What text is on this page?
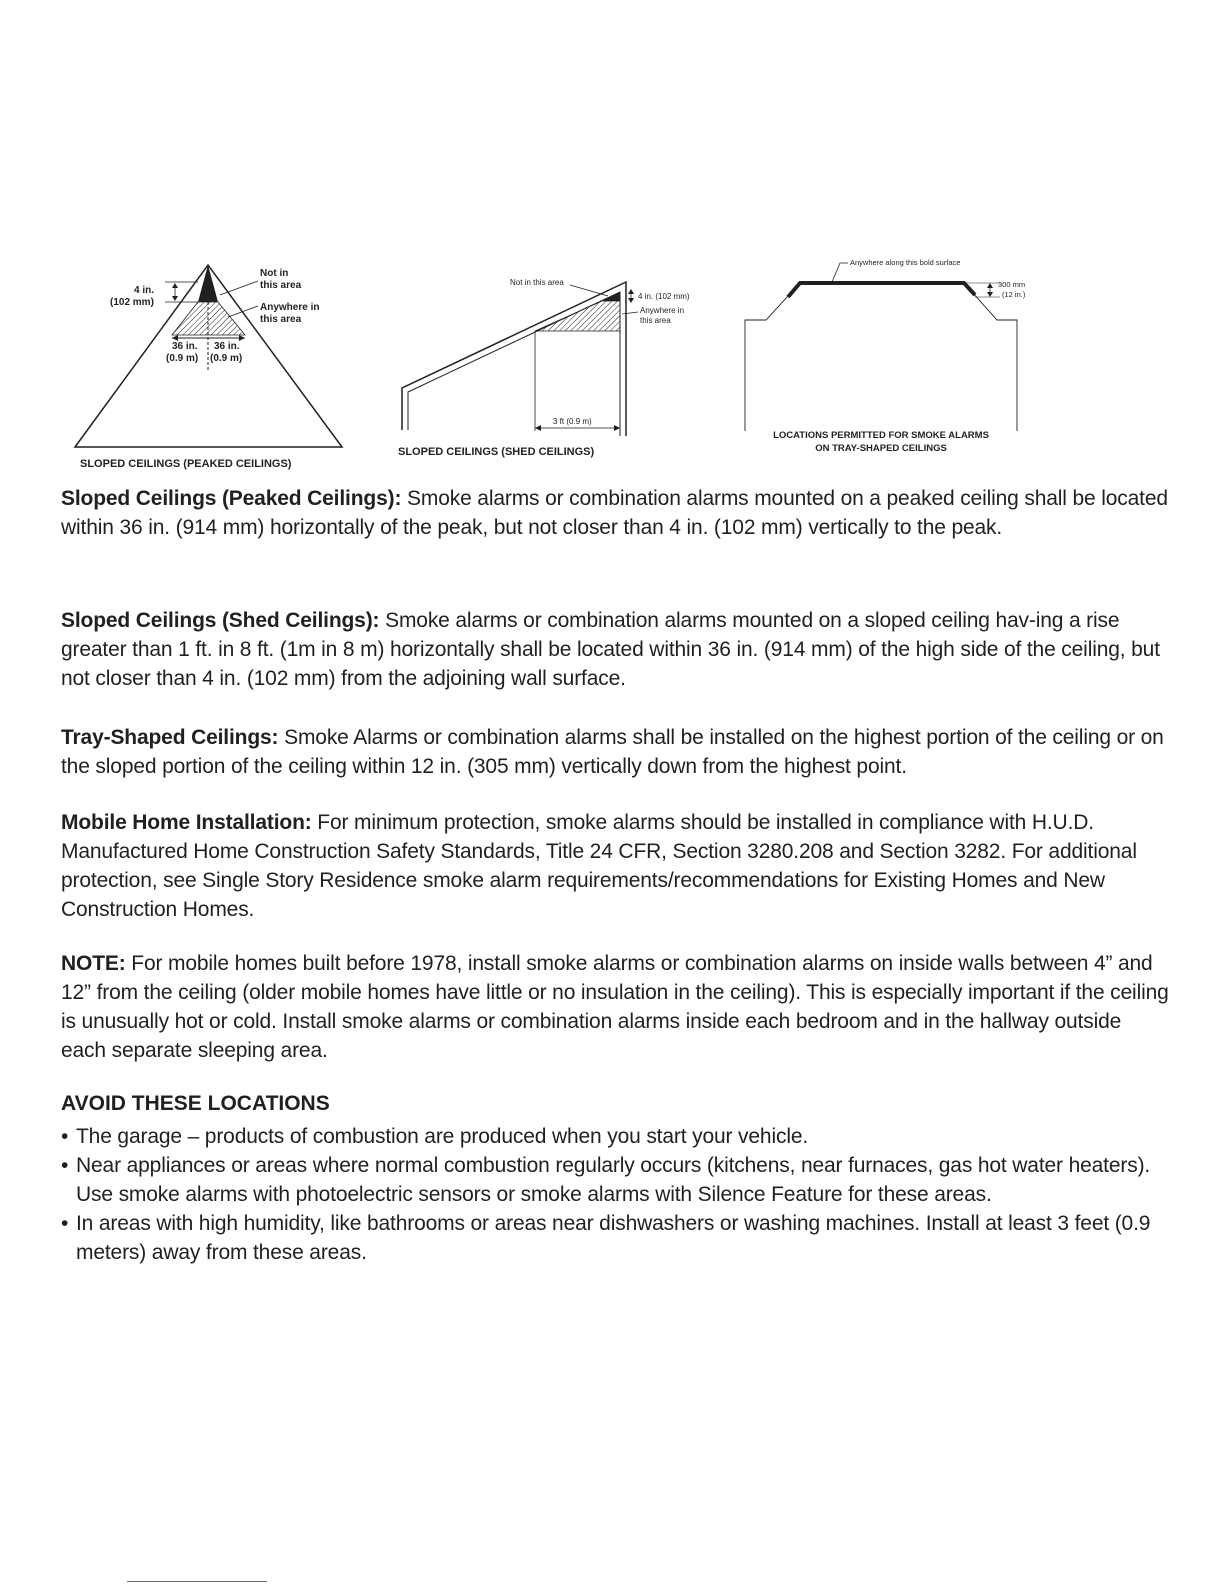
4 in.
(102 mm)
Not in
this area
Anywhere in
this area
36 in. 36 in.
(0.9 m) (0.9 m)
SLOPED CEILINGS (PEAKED CEILINGS)
3 ft (0.9 m)
Not in this area
4 in. (102 mm)
Anywhere in
this area
SLOPED CEILINGS (SHED CEILINGS)
Anywhere along this bold surface
300 mm
(12 in.)
LOCATIONS PERMITTED FOR SMOKE ALARMS
ON TRAY-SHAPED CEILINGS

Sloped Ceilings (Peaked Ceilings): Smoke alarms or combination alarms mounted on a peaked ceiling shall be located within 36 in. (914 mm) horizontally of the peak, but not closer than 4 in. (102 mm) vertically to the peak.

Sloped Ceilings (Shed Ceilings): Smoke alarms or combination alarms mounted on a sloped ceiling hav-ing a rise greater than 1 ft. in 8 ft. (1m in 8 m) horizontally shall be located within 36 in. (914 mm) of the high side of the ceiling, but not closer than 4 in. (102 mm) from the adjoining wall surface.

Tray-Shaped Ceilings: Smoke Alarms or combination alarms shall be installed on the highest portion of the ceiling or on the sloped portion of the ceiling within 12 in. (305 mm) vertically down from the highest point.

Mobile Home Installation: For minimum protection, smoke alarms should be installed in compliance with H.U.D. Manufactured Home Construction Safety Standards, Title 24 CFR, Section 3280.208 and Section 3282. For additional protection, see Single Story Residence smoke alarm requirements/recommendations for Existing Homes and New Construction Homes.

NOTE: For mobile homes built before 1978, install smoke alarms or combination alarms on inside walls between 4” and 12” from the ceiling (older mobile homes have little or no insulation in the ceiling). This is especially important if the ceiling is unusually hot or cold. Install smoke alarms or combination alarms inside each bedroom and in the hallway outside each separate sleeping area.

AVOID THESE LOCATIONS
• The garage – products of combustion are produced when you start your vehicle.
• Near appliances or areas where normal combustion regularly occurs (kitchens, near furnaces, gas hot water heaters). Use smoke alarms with photoelectric sensors or smoke alarms with Silence Feature for these areas.
• In areas with high humidity, like bathrooms or areas near dishwashers or washing machines. Install at least 3 feet (0.9 meters) away from these areas.
